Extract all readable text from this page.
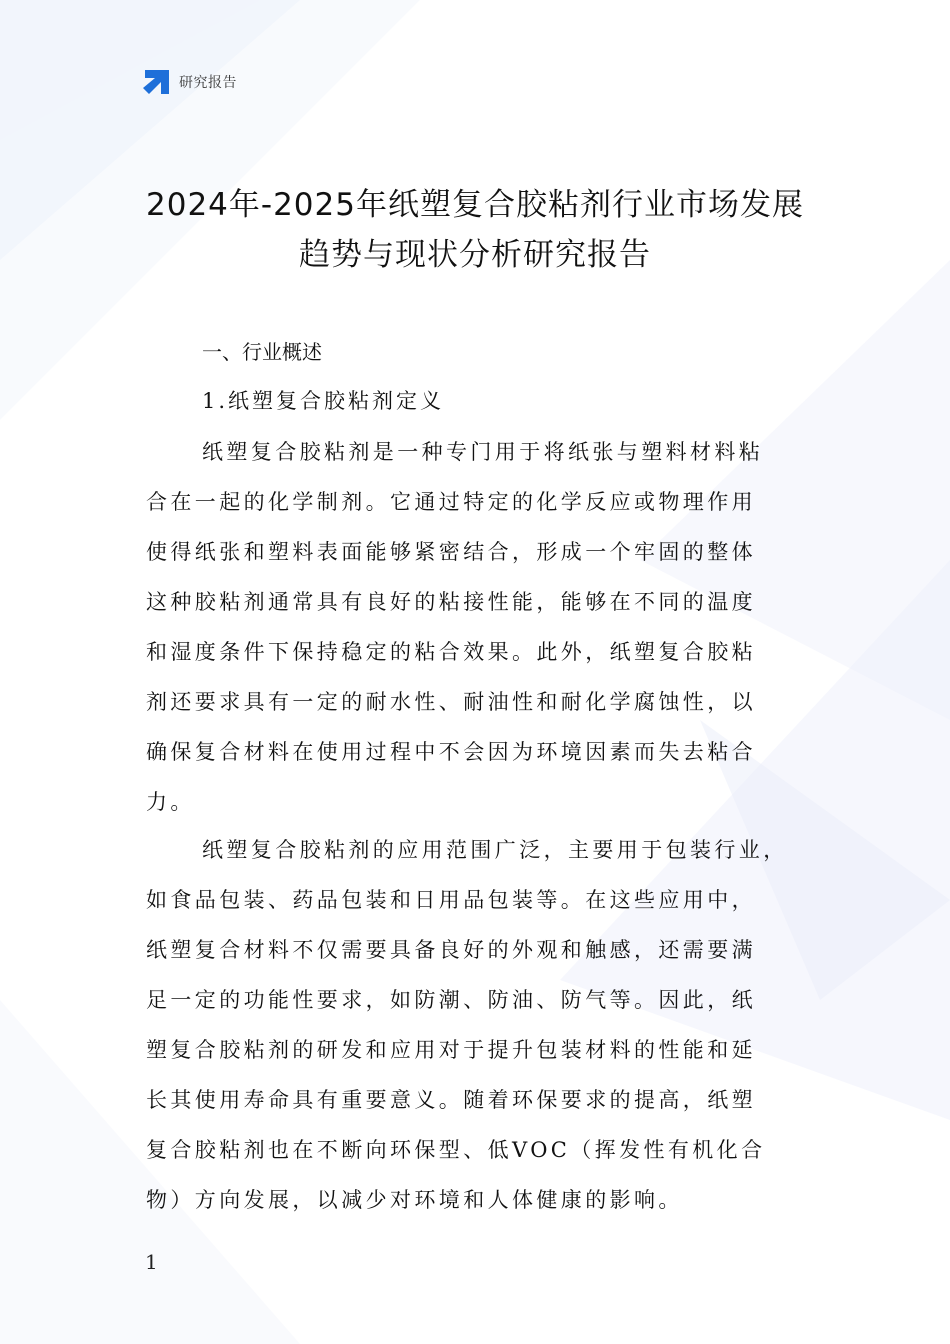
研究报告
2024年-2025年纸塑复合胶粘剂行业市场发展
趋势与现状分析研究报告
一、行业概述
1.纸塑复合胶粘剂定义
纸塑复合胶粘剂是一种专门用于将纸张与塑料材料粘
合在一起的化学制剂。它通过特定的化学反应或物理作用
使得纸张和塑料表面能够紧密结合，形成一个牢固的整体
这种胶粘剂通常具有良好的粘接性能，能够在不同的温度
和湿度条件下保持稳定的粘合效果。此外，纸塑复合胶粘
剂还要求具有一定的耐水性、耐油性和耐化学腐蚀性，以
确保复合材料在使用过程中不会因为环境因素而失去粘合
力。
纸塑复合胶粘剂的应用范围广泛，主要用于包装行业，
如食品包装、药品包装和日用品包装等。在这些应用中，
纸塑复合材料不仅需要具备良好的外观和触感，还需要满
足一定的功能性要求，如防潮、防油、防气等。因此，纸
塑复合胶粘剂的研发和应用对于提升包装材料的性能和延
长其使用寿命具有重要意义。随着环保要求的提高，纸塑
复合胶粘剂也在不断向环保型、低VOC（挥发性有机化合
物）方向发展，以减少对环境和人体健康的影响。
1
